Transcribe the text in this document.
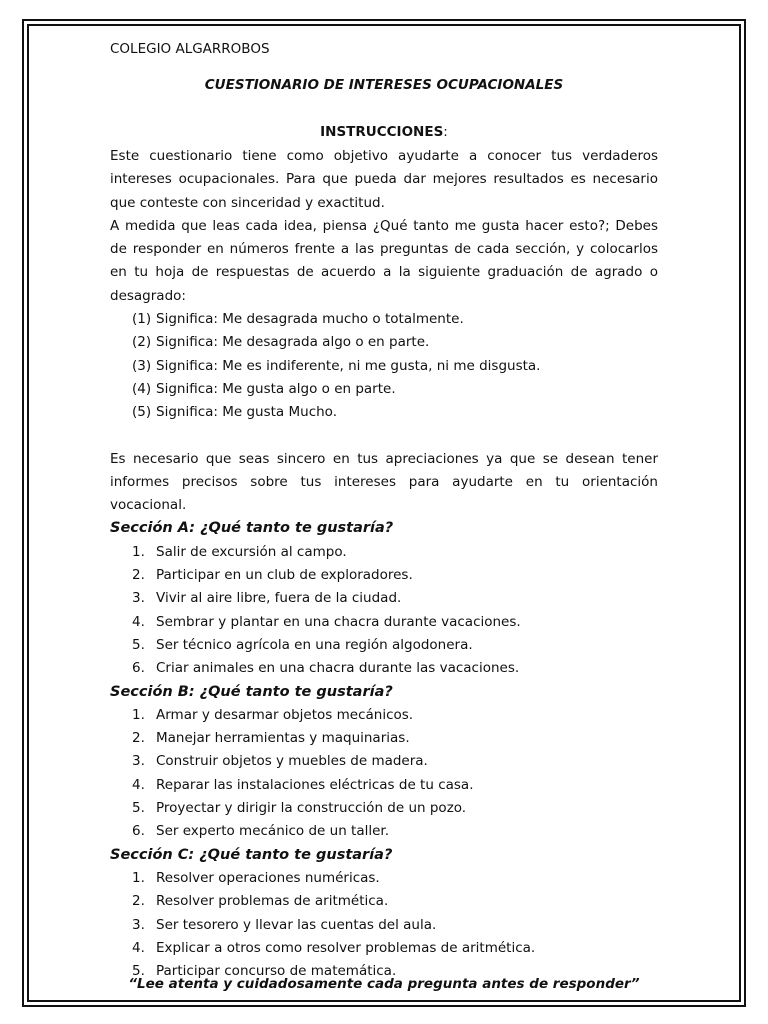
COLEGIO ALGARROBOS

CUESTIONARIO DE INTERESES OCUPACIONALES

INSTRUCCIONES:

Este cuestionario tiene como objetivo ayudarte a conocer tus verdaderos intereses ocupacionales. Para que pueda dar mejores resultados es necesario que conteste con sinceridad y exactitud.

A medida que leas cada idea, piensa ¿Qué tanto me gusta hacer esto?; Debes de responder en números frente a las preguntas de cada sección, y colocarlos en tu hoja de respuestas de acuerdo a la siguiente graduación de agrado o desagrado:

(1) Significa: Me desagrada mucho o totalmente.
(2) Significa: Me desagrada algo o en parte.
(3) Significa: Me es indiferente, ni me gusta, ni me disgusta.
(4) Significa: Me gusta algo o en parte.
(5) Significa: Me gusta Mucho.

Es necesario que seas sincero en tus apreciaciones ya que se desean tener informes precisos sobre tus intereses para ayudarte en tu orientación vocacional.

Sección A: ¿Qué tanto te gustaría?

1. Salir de excursión al campo.
2. Participar en un club de exploradores.
3. Vivir al aire libre, fuera de la ciudad.
4. Sembrar y plantar en una chacra durante vacaciones.
5. Ser técnico agrícola en una región algodonera.
6. Criar animales en una chacra durante las vacaciones.

Sección B: ¿Qué tanto te gustaría?

1. Armar y desarmar objetos mecánicos.
2. Manejar herramientas y maquinarias.
3. Construir objetos y muebles de madera.
4. Reparar las instalaciones eléctricas de tu casa.
5. Proyectar y dirigir la construcción de un pozo.
6. Ser experto mecánico de un taller.

Sección C: ¿Qué tanto te gustaría?

1. Resolver operaciones numéricas.
2. Resolver problemas de aritmética.
3. Ser tesorero y llevar las cuentas del aula.
4. Explicar a otros como resolver problemas de aritmética.
5. Participar concurso de matemática.

“Lee atenta y cuidadosamente cada pregunta antes de responder”
